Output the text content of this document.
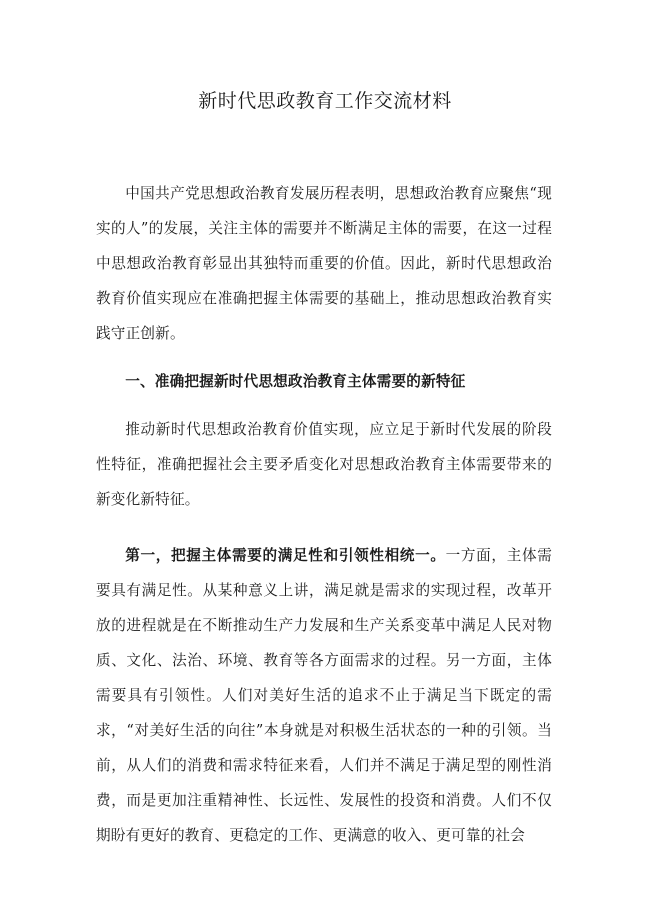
新时代思政教育工作交流材料

中国共产党思想政治教育发展历程表明，思想政治教育应聚焦“现实的人”的发展，关注主体的需要并不断满足主体的需要，在这一过程中思想政治教育彰显出其独特而重要的价值。因此，新时代思想政治教育价值实现应在准确把握主体需要的基础上，推动思想政治教育实践守正创新。

一、准确把握新时代思想政治教育主体需要的新特征

推动新时代思想政治教育价值实现，应立足于新时代发展的阶段性特征，准确把握社会主要矛盾变化对思想政治教育主体需要带来的新变化新特征。

第一，把握主体需要的满足性和引领性相统一。一方面，主体需要具有满足性。从某种意义上讲，满足就是需求的实现过程，改革开放的进程就是在不断推动生产力发展和生产关系变革中满足人民对物质、文化、法治、环境、教育等各方面需求的过程。另一方面，主体需要具有引领性。人们对美好生活的追求不止于满足当下既定的需求，“对美好生活的向往”本身就是对积极生活状态的一种的引领。当前，从人们的消费和需求特征来看，人们并不满足于满足型的刚性消费，而是更加注重精神性、长远性、发展性的投资和消费。人们不仅期盼有更好的教育、更稳定的工作、更满意的收入、更可靠的社会
